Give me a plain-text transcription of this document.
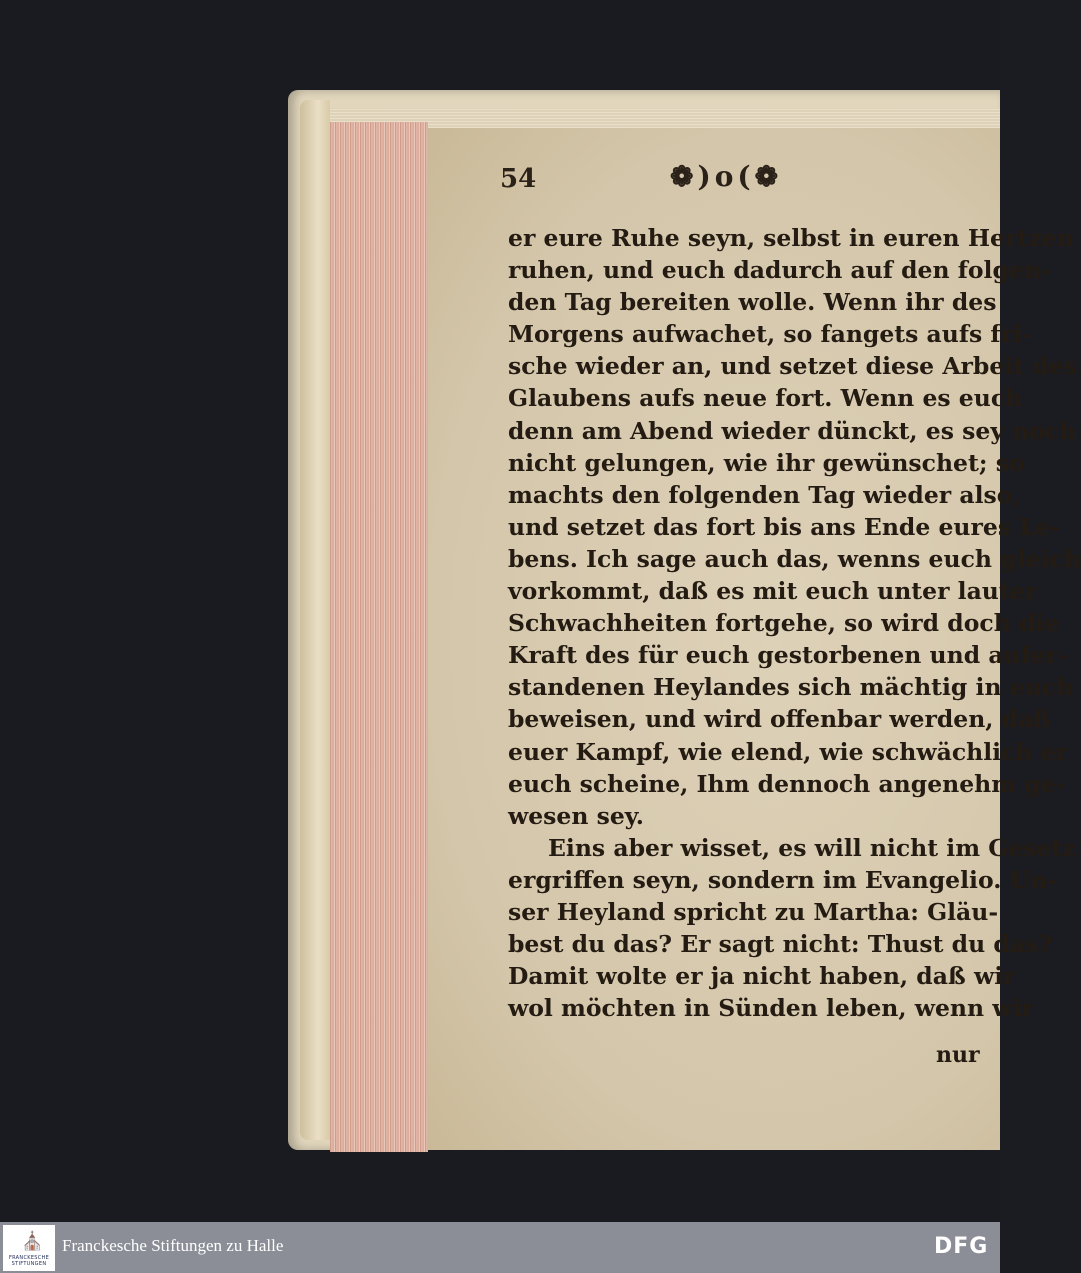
54	❁)o(❁
er eure Ruhe seyn, selbst in euren Hertzen
ruhen, und euch dadurch auf den folgen-
den Tag bereiten wolle. Wenn ihr des
Morgens aufwachet, so fangets aufs fri-
sche wieder an, und setzet diese Arbeit des
Glaubens aufs neue fort. Wenn es euch
denn am Abend wieder dünckt, es sey noch
nicht gelungen, wie ihr gewünschet; so
machts den folgenden Tag wieder also,
und setzet das fort bis ans Ende eures Le-
bens. Ich sage auch das, wenns euch gleich
vorkommt, daß es mit euch unter lauter
Schwachheiten fortgehe, so wird doch die
Kraft des für euch gestorbenen und aufer-
standenen Heylandes sich mächtig in euch
beweisen, und wird offenbar werden, daß
euer Kampf, wie elend, wie schwächlich er
euch scheine, Ihm dennoch angenehm ge-
wesen sey.
Eins aber wisset, es will nicht im Gesetz
ergriffen seyn, sondern im Evangelio. Un-
ser Heyland spricht zu Martha: Gläu-
best du das? Er sagt nicht: Thust du das?
Damit wolte er ja nicht haben, daß wir
wol möchten in Sünden leben, wenn wir
nur
⛪
FRANCKESCHE STIFTUNGEN
Franckesche Stiftungen zu Halle	DFG
